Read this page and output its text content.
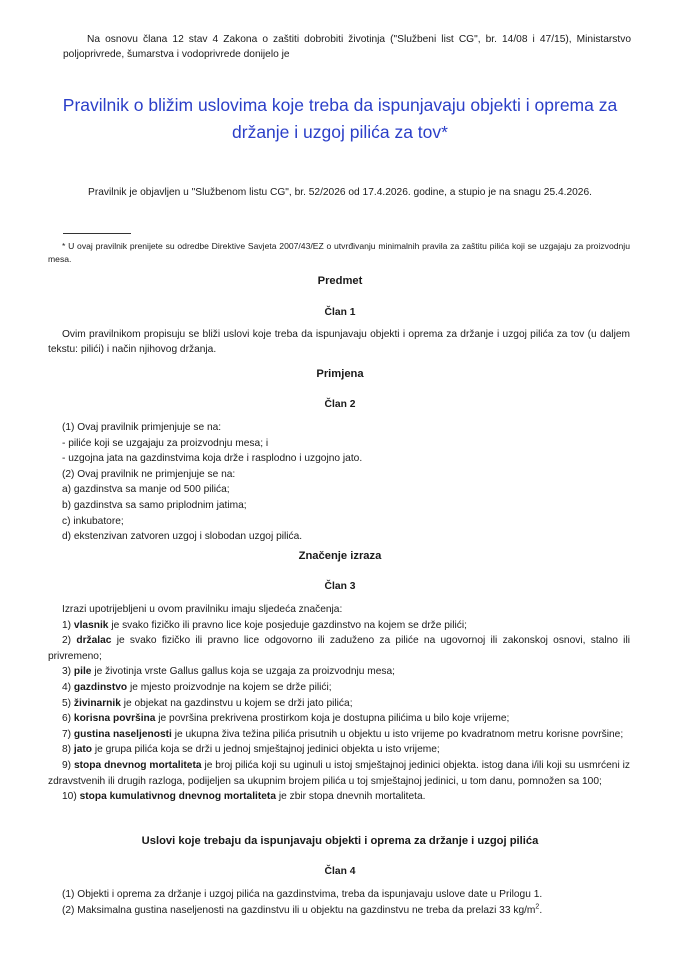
Na osnovu člana 12 stav 4 Zakona o zaštiti dobrobiti životinja ("Službeni list CG", br. 14/08 i 47/15), Ministarstvo poljoprivrede, šumarstva i vodoprivrede donijelo je
Pravilnik o bližim uslovima koje treba da ispunjavaju objekti i oprema za držanje i uzgoj pilića za tov*
Pravilnik je objavljen u "Službenom listu CG", br. 52/2026 od 17.4.2026. godine, a stupio je na snagu 25.4.2026.
* U ovaj pravilnik prenijete su odredbe Direktive Savjeta 2007/43/EZ o utvrđivanju minimalnih pravila za zaštitu pilića koji se uzgajaju za proizvodnju mesa.
Predmet
Član 1
Ovim pravilnikom propisuju se bliži uslovi koje treba da ispunjavaju objekti i oprema za držanje i uzgoj pilića za tov (u daljem tekstu: pilići) i način njihovog držanja.
Primjena
Član 2
(1) Ovaj pravilnik primjenjuje se na:
- piliće koji se uzgajaju za proizvodnju mesa; i
- uzgojna jata na gazdinstvima koja drže i rasplodno i uzgojno jato.
(2) Ovaj pravilnik ne primjenjuje se na:
a) gazdinstva sa manje od 500 pilića;
b) gazdinstva sa samo priplodnim jatima;
c) inkubatore;
d) ekstenzivan zatvoren uzgoj i slobodan uzgoj pilića.
Značenje izraza
Član 3
Izrazi upotrijebljeni u ovom pravilniku imaju sljedeća značenja:
1) vlasnik je svako fizičko ili pravno lice koje posjeduje gazdinstvo na kojem se drže pilići;
2) držalac je svako fizičko ili pravno lice odgovorno ili zaduženo za piliće na ugovornoj ili zakonskoj osnovi, stalno ili privremeno;
3) pile je životinja vrste Gallus gallus koja se uzgaja za proizvodnju mesa;
4) gazdinstvo je mjesto proizvodnje na kojem se drže pilići;
5) živinarnik je objekat na gazdinstvu u kojem se drži jato pilića;
6) korisna površina je površina prekrivena prostirkom koja je dostupna pilićima u bilo koje vrijeme;
7) gustina naseljenosti je ukupna živa težina pilića prisutnih u objektu u isto vrijeme po kvadratnom metru korisne površine;
8) jato je grupa pilića koja se drži u jednoj smještajnoj jedinici objekta u isto vrijeme;
9) stopa dnevnog mortaliteta je broj pilića koji su uginuli u istoj smještajnoj jedinici objekta. istog dana i/ili koji su usmrćeni iz zdravstvenih ili drugih razloga, podijeljen sa ukupnim brojem pilića u toj smještajnoj jedinici, u tom danu, pomnožen sa 100;
10) stopa kumulativnog dnevnog mortaliteta je zbir stopa dnevnih mortaliteta.
Uslovi koje trebaju da ispunjavaju objekti i oprema za držanje i uzgoj pilića
Član 4
(1) Objekti i oprema za držanje i uzgoj pilića na gazdinstvima, treba da ispunjavaju uslove date u Prilogu 1.
(2) Maksimalna gustina naseljenosti na gazdinstvu ili u objektu na gazdinstvu ne treba da prelazi 33 $kg/m^2$.
